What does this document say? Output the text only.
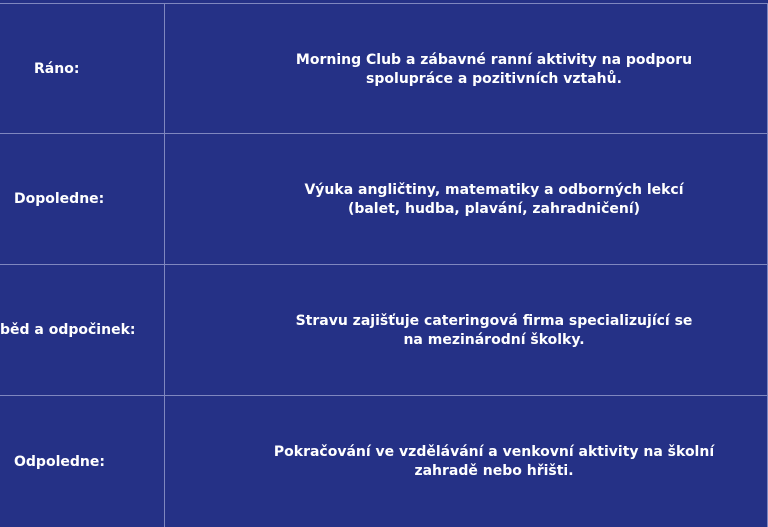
Ráno:
Morning Club a zábavné ranní aktivity na podporu
spolupráce a pozitivních vztahů.
Dopoledne:
Výuka angličtiny, matematiky a odborných lekcí
(balet, hudba, plavání, zahradničení)
běd a odpočinek:
Stravu zajišťuje cateringová firma specializující se
na mezinárodní školky.
Odpoledne:
Pokračování ve vzdělávání a venkovní aktivity na školní
zahradě nebo hřišti.
